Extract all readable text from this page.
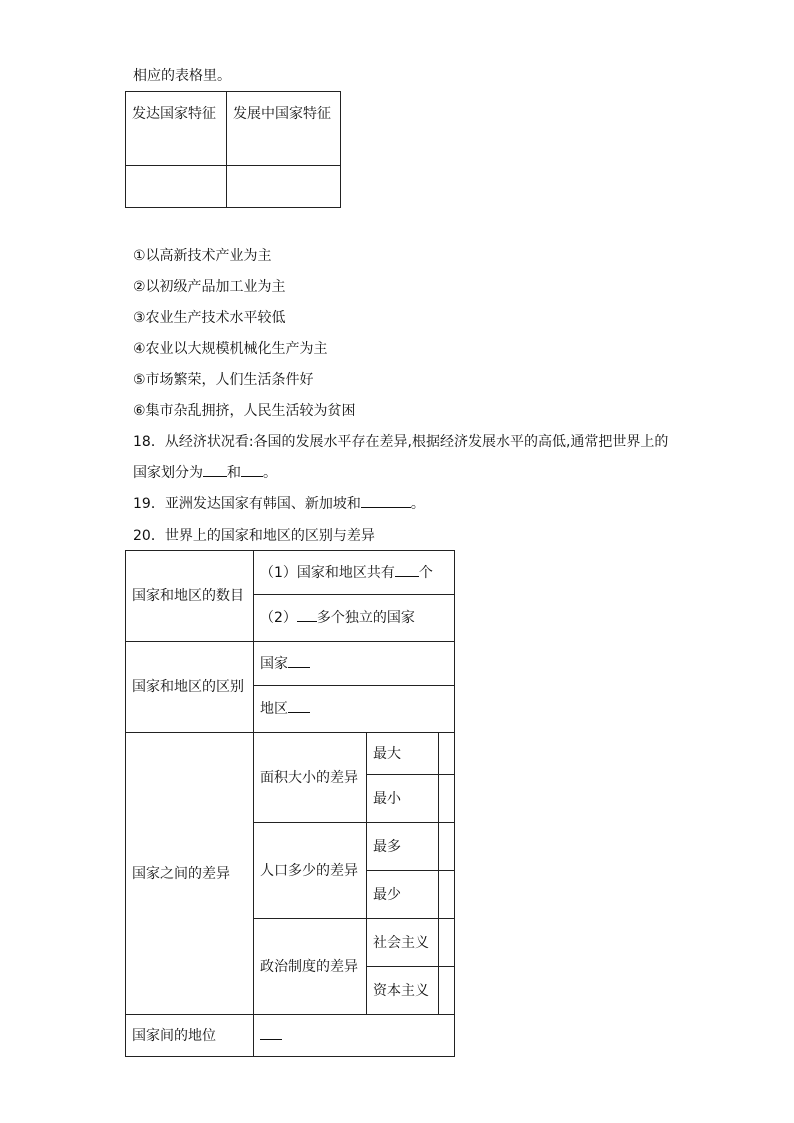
相应的表格里。
发达国家特征	发展中国家特征

①以高新技术产业为主
②以初级产品加工业为主
③农业生产技术水平较低
④农业以大规模机械化生产为主
⑤市场繁荣，人们生活条件好
⑥集市杂乱拥挤，人民生活较为贫困
18．从经济状况看:各国的发展水平存在差异,根据经济发展水平的高低,通常把世界上的
国家划分为 和 。
19．亚洲发达国家有韩国、新加坡和	。
20．世界上的国家和地区的区别与差异
国家和地区的数目	（1）国家和地区共有 个		
	（2） 多个独立的国家		
国家和地区的区别	国家		
	地区		
国家之间的差异	面积大小的差异	最大	
		最小	
	人口多少的差异	最多	
		最少	
	政治制度的差异	社会主义	
		资本主义	
国家间的地位			
